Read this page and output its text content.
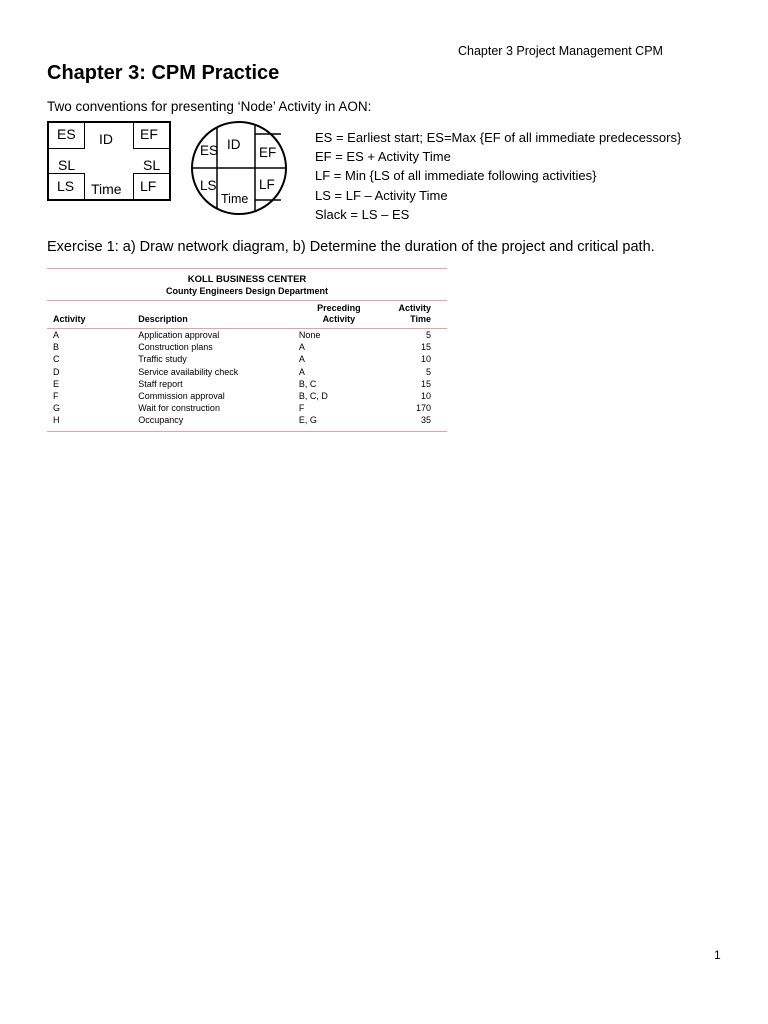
Chapter 3 Project Management CPM
Chapter 3: CPM Practice
Two conventions for presenting ‘Node’ Activity in AON:
ES	ID	EF
SL	SL
LS	Time	LF
ES ID
EF
LS
Time
LF
ES = Earliest start; ES=Max {EF of all immediate predecessors}
EF = ES + Activity Time
LF = Min {LS of all immediate following activities}
LS = LF – Activity Time
Slack = LS – ES
Exercise 1: a) Draw network diagram, b) Determine the duration of the project and critical path.
KOLL BUSINESS CENTER
County Engineers Design Department
		Preceding	Activity
Activity	Description	Activity	Time
A	Application approval	None	5
B	Construction plans	A	15
C	Traffic study	A	10
D	Service availability check	A	5
E	Staff report	B, C	15
F	Commission approval	B, C, D	10
G	Wait for construction	F	170
H	Occupancy	E, G	35
1
